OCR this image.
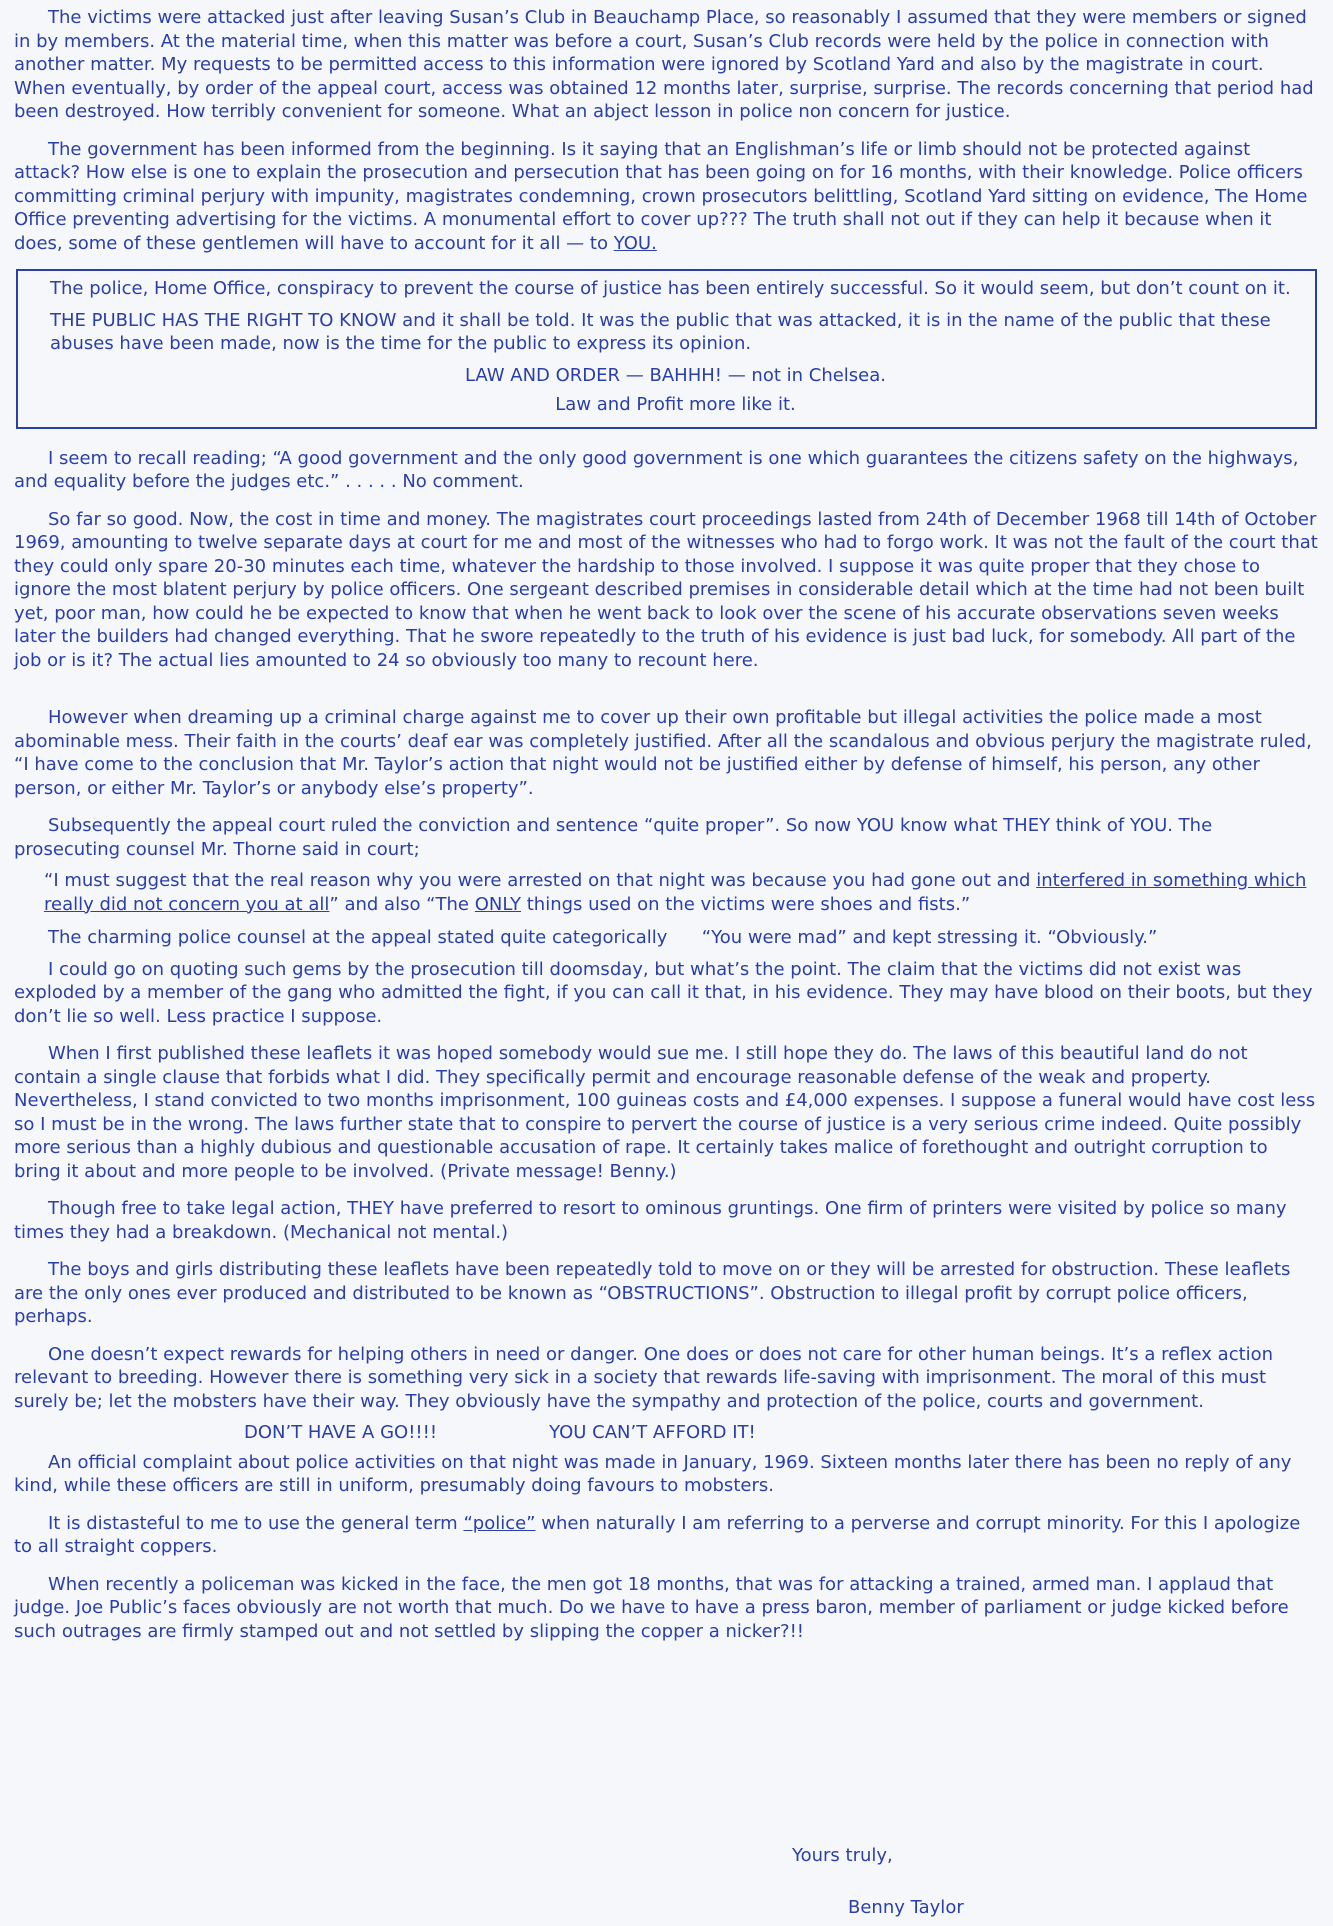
The victims were attacked just after leaving Susan’s Club in Beauchamp Place, so reasonably I assumed that they were members or signed in by members. At the material time, when this matter was before a court, Susan’s Club records were held by the police in connection with another matter. My requests to be permitted access to this information were ignored by Scotland Yard and also by the magistrate in court. When eventually, by order of the appeal court, access was obtained 12 months later, surprise, surprise. The records concerning that period had been destroyed. How terribly convenient for someone. What an abject lesson in police non concern for justice.

The government has been informed from the beginning. Is it saying that an Englishman’s life or limb should not be protected against attack? How else is one to explain the prosecution and persecution that has been going on for 16 months, with their knowledge. Police officers committing criminal perjury with impunity, magistrates condemning, crown prosecutors belittling, Scotland Yard sitting on evidence, The Home Office preventing advertising for the victims. A monumental effort to cover up??? The truth shall not out if they can help it because when it does, some of these gentlemen will have to account for it all — to YOU.

The police, Home Office, conspiracy to prevent the course of justice has been entirely successful. So it would seem, but don’t count on it.

THE PUBLIC HAS THE RIGHT TO KNOW and it shall be told. It was the public that was attacked, it is in the name of the public that these abuses have been made, now is the time for the public to express its opinion.

LAW AND ORDER — BAHHH! — not in Chelsea.

Law and Profit more like it.

I seem to recall reading; “A good government and the only good government is one which guarantees the citizens safety on the highways, and equality before the judges etc.” . . . . . No comment.

So far so good. Now, the cost in time and money. The magistrates court proceedings lasted from 24th of December 1968 till 14th of October 1969, amounting to twelve separate days at court for me and most of the witnesses who had to forgo work. It was not the fault of the court that they could only spare 20-30 minutes each time, whatever the hardship to those involved. I suppose it was quite proper that they chose to ignore the most blatent perjury by police officers. One sergeant described premises in considerable detail which at the time had not been built yet, poor man, how could he be expected to know that when he went back to look over the scene of his accurate observations seven weeks later the builders had changed everything. That he swore repeatedly to the truth of his evidence is just bad luck, for somebody. All part of the job or is it? The actual lies amounted to 24 so obviously too many to recount here.

However when dreaming up a criminal charge against me to cover up their own profitable but illegal activities the police made a most abominable mess. Their faith in the courts’ deaf ear was completely justified. After all the scandalous and obvious perjury the magistrate ruled, “I have come to the conclusion that Mr. Taylor’s action that night would not be justified either by defense of himself, his person, any other person, or either Mr. Taylor’s or anybody else’s property”.

Subsequently the appeal court ruled the conviction and sentence “quite proper”. So now YOU know what THEY think of YOU. The prosecuting counsel Mr. Thorne said in court;

“I must suggest that the real reason why you were arrested on that night was because you had gone out and interfered in something which really did not concern you at all” and also “The ONLY things used on the victims were shoes and fists.”

The charming police counsel at the appeal stated quite categorically      “You were mad” and kept stressing it. “Obviously.”

I could go on quoting such gems by the prosecution till doomsday, but what’s the point. The claim that the victims did not exist was exploded by a member of the gang who admitted the fight, if you can call it that, in his evidence. They may have blood on their boots, but they don’t lie so well. Less practice I suppose.

When I first published these leaflets it was hoped somebody would sue me. I still hope they do. The laws of this beautiful land do not contain a single clause that forbids what I did. They specifically permit and encourage reasonable defense of the weak and property. Nevertheless, I stand convicted to two months imprisonment, 100 guineas costs and £4,000 expenses. I suppose a funeral would have cost less so I must be in the wrong. The laws further state that to conspire to pervert the course of justice is a very serious crime indeed. Quite possibly more serious than a highly dubious and questionable accusation of rape. It certainly takes malice of forethought and outright corruption to bring it about and more people to be involved. (Private message! Benny.)

Though free to take legal action, THEY have preferred to resort to ominous gruntings. One firm of printers were visited by police so many times they had a breakdown. (Mechanical not mental.)

The boys and girls distributing these leaflets have been repeatedly told to move on or they will be arrested for obstruction. These leaflets are the only ones ever produced and distributed to be known as “OBSTRUCTIONS”. Obstruction to illegal profit by corrupt police officers, perhaps.

One doesn’t expect rewards for helping others in need or danger. One does or does not care for other human beings. It’s a reflex action relevant to breeding. However there is something very sick in a society that rewards life-saving with imprisonment. The moral of this must surely be; let the mobsters have their way. They obviously have the sympathy and protection of the police, courts and government.

DON’T HAVE A GO!!!!	YOU CAN’T AFFORD IT!

An official complaint about police activities on that night was made in January, 1969. Sixteen months later there has been no reply of any kind, while these officers are still in uniform, presumably doing favours to mobsters.

It is distasteful to me to use the general term “police” when naturally I am referring to a perverse and corrupt minority. For this I apologize to all straight coppers.

When recently a policeman was kicked in the face, the men got 18 months, that was for attacking a trained, armed man. I applaud that judge. Joe Public’s faces obviously are not worth that much. Do we have to have a press baron, member of parliament or judge kicked before such outrages are firmly stamped out and not settled by slipping the copper a nicker?!!

Yours truly,
Benny Taylor
